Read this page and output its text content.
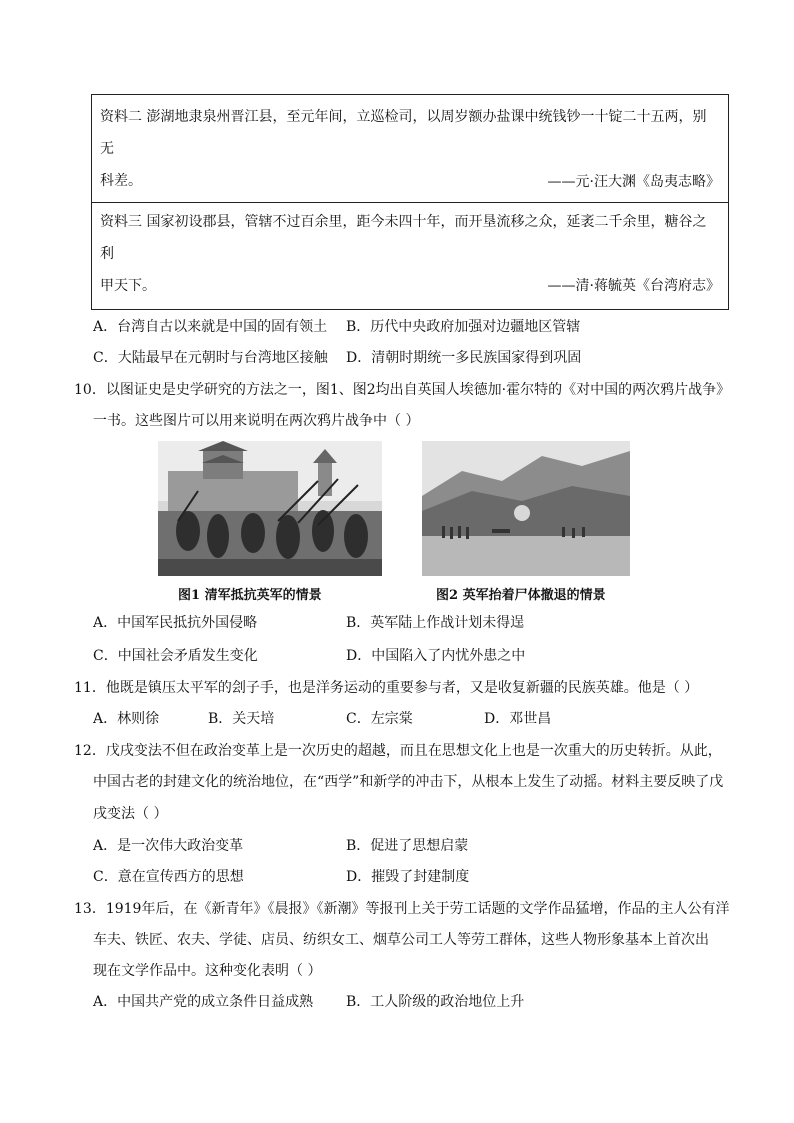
资料二 澎湖地隶泉州晋江县，至元年间，立巡检司，以周岁额办盐课中统钱钞一十锭二十五两，别无
科差。	——元·汪大渊《岛夷志略》
资料三 国家初设郡县，管辖不过百余里，距今未四十年，而开垦流移之众，延袤二千余里，糖谷之利
甲天下。	——清·蒋毓英《台湾府志》
A．台湾自古以来就是中国的固有领土 B．历代中央政府加强对边疆地区管辖
C．大陆最早在元朝时与台湾地区接触 D．清朝时期统一多民族国家得到巩固
10．以图证史是史学研究的方法之一，图1、图2均出自英国人埃德加·霍尔特的《对中国的两次鸦片战争》
一书。这些图片可以用来说明在两次鸦片战争中（ ）
图1 清军抵抗英军的情景	图2 英军抬着尸体撤退的情景
A．中国军民抵抗外国侵略	B．英军陆上作战计划未得逞
C．中国社会矛盾发生变化	D．中国陷入了内忧外患之中
11．他既是镇压太平军的刽子手，也是洋务运动的重要参与者，又是收复新疆的民族英雄。他是（ ）
A．林则徐	B．关天培	C．左宗棠	D．邓世昌
12．戊戌变法不但在政治变革上是一次历史的超越，而且在思想文化上也是一次重大的历史转折。从此，
中国古老的封建文化的统治地位，在“西学”和新学的冲击下，从根本上发生了动摇。材料主要反映了戊
戌变法（ ）
A．是一次伟大政治变革	B．促进了思想启蒙
C．意在宣传西方的思想	D．摧毁了封建制度
13．1919年后，在《新青年》《晨报》《新潮》等报刊上关于劳工话题的文学作品猛增，作品的主人公有洋
车夫、铁匠、农夫、学徒、店员、纺织女工、烟草公司工人等劳工群体，这些人物形象基本上首次出
现在文学作品中。这种变化表明（ ）
A．中国共产党的成立条件日益成熟 B．工人阶级的政治地位上升
